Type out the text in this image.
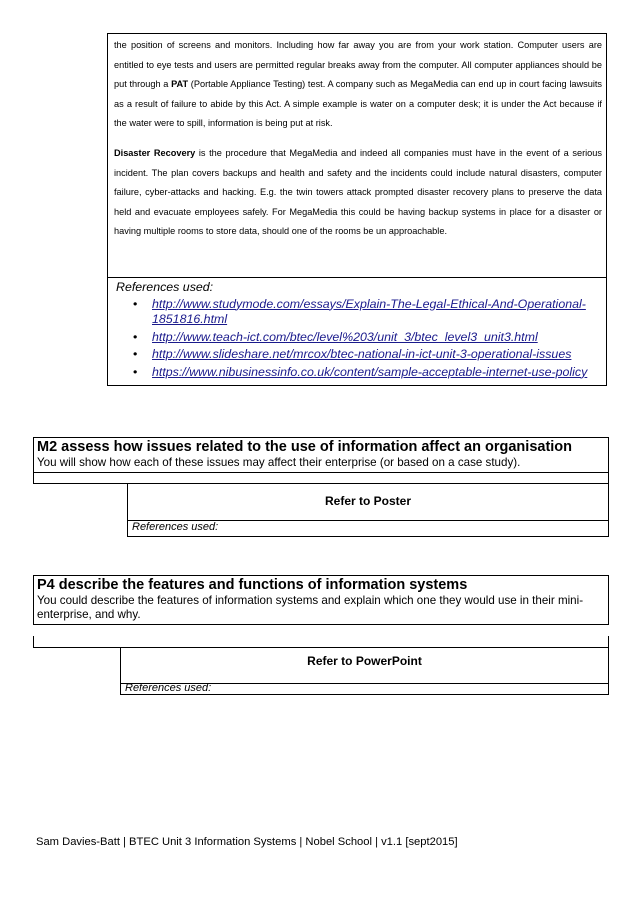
the position of screens and monitors. Including how far away you are from your work station. Computer users are entitled to eye tests and users are permitted regular breaks away from the computer. All computer appliances should be put through a PAT (Portable Appliance Testing) test. A company such as MegaMedia can end up in court facing lawsuits as a result of failure to abide by this Act. A simple example is water on a computer desk; it is under the Act because if the water were to spill, information is being put at risk.

Disaster Recovery is the procedure that MegaMedia and indeed all companies must have in the event of a serious incident. The plan covers backups and health and safety and the incidents could include natural disasters, computer failure, cyber-attacks and hacking. E.g. the twin towers attack prompted disaster recovery plans to preserve the data held and evacuate employees safely. For MegaMedia this could be having backup systems in place for a disaster or having multiple rooms to store data, should one of the rooms be un approachable.

References used:
• http://www.studymode.com/essays/Explain-The-Legal-Ethical-And-Operational-1851816.html
• http://www.teach-ict.com/btec/level%203/unit_3/btec_level3_unit3.html
• http://www.slideshare.net/mrcox/btec-national-in-ict-unit-3-operational-issues
• https://www.nibusinessinfo.co.uk/content/sample-acceptable-internet-use-policy
M2 assess how issues related to the use of information affect an organisation
You will show how each of these issues may affect their enterprise (or based on a case study).
Refer to Poster
References used:
P4 describe the features and functions of information systems
You could describe the features of information systems and explain which one they would use in their mini-enterprise, and why.
Refer to PowerPoint
References used:
Sam Davies-Batt | BTEC Unit 3 Information Systems | Nobel School | v1.1 [sept2015]
